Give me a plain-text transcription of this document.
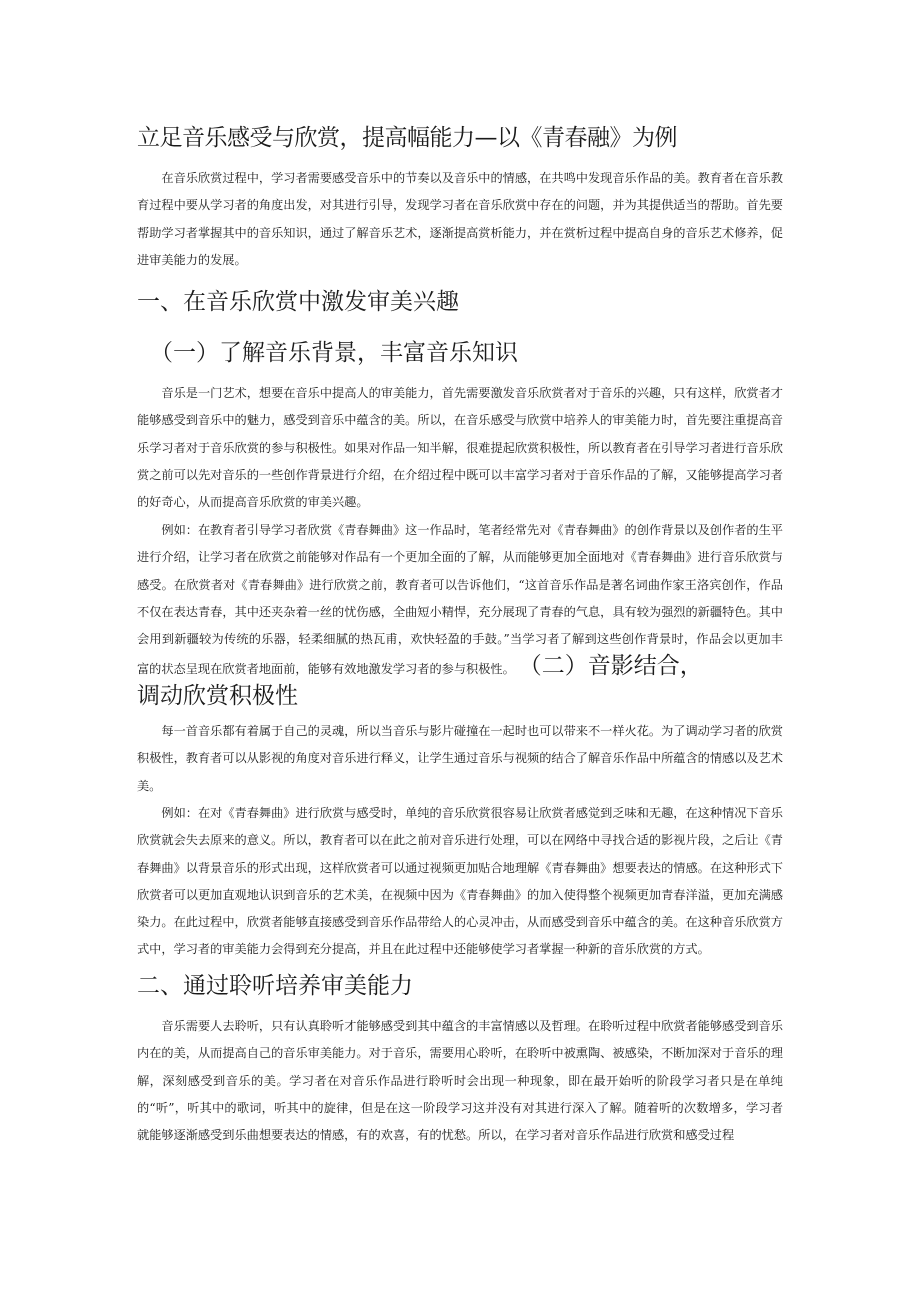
立足音乐感受与欣赏，提高幅能力—以《青春融》为例

在音乐欣赏过程中，学习者需要感受音乐中的节奏以及音乐中的情感，在共鸣中发现音乐作品的美。教育者在音乐教育过程中要从学习者的角度出发，对其进行引导，发现学习者在音乐欣赏中存在的问题，并为其提供适当的帮助。首先要帮助学习者掌握其中的音乐知识，通过了解音乐艺术，逐渐提高赏析能力，并在赏析过程中提高自身的音乐艺术修养，促进审美能力的发展。

一、在音乐欣赏中激发审美兴趣
（一）了解音乐背景，丰富音乐知识

音乐是一门艺术，想要在音乐中提高人的审美能力，首先需要激发音乐欣赏者对于音乐的兴趣，只有这样，欣赏者才能够感受到音乐中的魅力，感受到音乐中蕴含的美。所以，在音乐感受与欣赏中培养人的审美能力时，首先要注重提高音乐学习者对于音乐欣赏的参与积极性。如果对作品一知半解，很难提起欣赏积极性，所以教育者在引导学习者进行音乐欣赏之前可以先对音乐的一些创作背景进行介绍，在介绍过程中既可以丰富学习者对于音乐作品的了解，又能够提高学习者的好奇心，从而提高音乐欣赏的审美兴趣。

例如：在教育者引导学习者欣赏《青春舞曲》这一作品时，笔者经常先对《青春舞曲》的创作背景以及创作者的生平进行介绍，让学习者在欣赏之前能够对作品有一个更加全面的了解，从而能够更加全面地对《青春舞曲》进行音乐欣赏与感受。在欣赏者对《青春舞曲》进行欣赏之前，教育者可以告诉他们，“这首音乐作品是著名词曲作家王洛宾创作，作品不仅在表达青春，其中还夹杂着一丝的忧伤感，全曲短小精悍，充分展现了青春的气息，具有较为强烈的新疆特色。其中会用到新疆较为传统的乐器，轻柔细腻的热瓦甫，欢快轻盈的手鼓。”当学习者了解到这些创作背景时，作品会以更加丰富的状态呈现在欣赏者地面前，能够有效地激发学习者的参与积极性。 （二）音影结合，

调动欣赏积极性

每一首音乐都有着属于自己的灵魂，所以当音乐与影片碰撞在一起时也可以带来不一样火花。为了调动学习者的欣赏积极性，教育者可以从影视的角度对音乐进行释义，让学生通过音乐与视频的结合了解音乐作品中所蕴含的情感以及艺术美。

例如：在对《青春舞曲》进行欣赏与感受时，单纯的音乐欣赏很容易让欣赏者感觉到乏味和无趣，在这种情况下音乐欣赏就会失去原来的意义。所以，教育者可以在此之前对音乐进行处理，可以在网络中寻找合适的影视片段，之后让《青春舞曲》以背景音乐的形式出现，这样欣赏者可以通过视频更加贴合地理解《青春舞曲》想要表达的情感。在这种形式下欣赏者可以更加直观地认识到音乐的艺术美，在视频中因为《青春舞曲》的加入使得整个视频更加青春洋溢，更加充满感染力。在此过程中，欣赏者能够直接感受到音乐作品带给人的心灵冲击，从而感受到音乐中蕴含的美。在这种音乐欣赏方式中，学习者的审美能力会得到充分提高，并且在此过程中还能够使学习者掌握一种新的音乐欣赏的方式。

二、通过聆听培养审美能力

音乐需要人去聆听，只有认真聆听才能够感受到其中蕴含的丰富情感以及哲理。在聆听过程中欣赏者能够感受到音乐内在的美，从而提高自己的音乐审美能力。对于音乐，需要用心聆听，在聆听中被熏陶、被感染，不断加深对于音乐的理解，深刻感受到音乐的美。学习者在对音乐作品进行聆听时会出现一种现象，即在最开始听的阶段学习者只是在单纯的“听”，听其中的歌词，听其中的旋律，但是在这一阶段学习这并没有对其进行深入了解。随着听的次数增多，学习者就能够逐渐感受到乐曲想要表达的情感，有的欢喜，有的忧愁。所以，在学习者对音乐作品进行欣赏和感受过程
